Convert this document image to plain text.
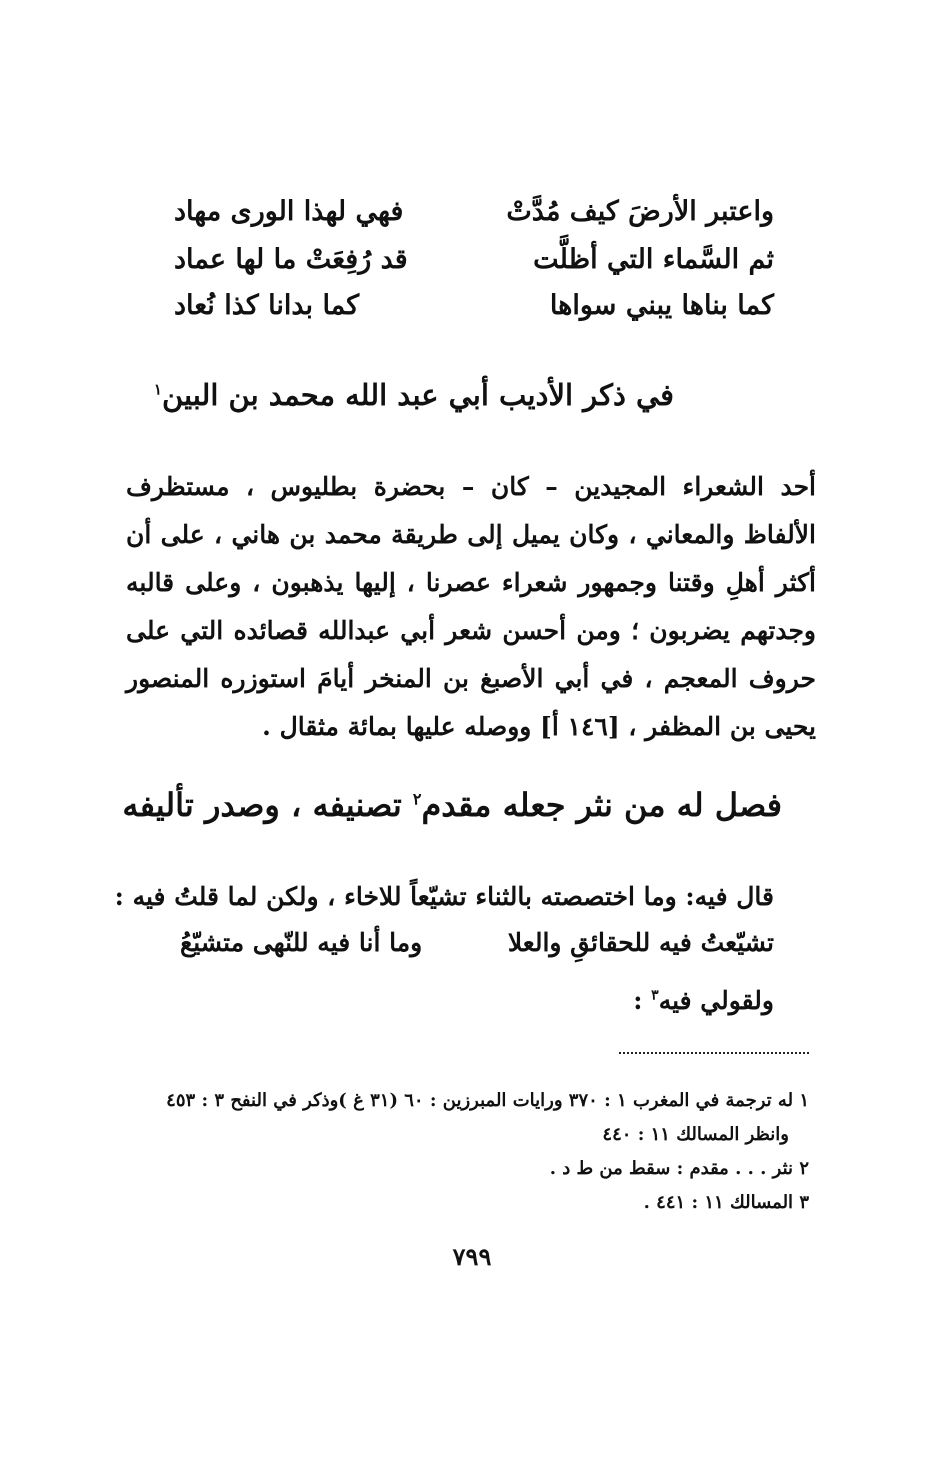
واعتبر الأرضَ كيف مُدَّتْ
فهي لهذا الورى مهاد
ثم السَّماء التي أظلَّت
قد رُفِعَتْ ما لها عماد
كما بناها يبني سواها
كما بدانا كذا نُعاد
في ذكر الأديب أبي عبد الله محمد بن البين$^١$
أحد الشعراء المجيدين – كان – بحضرة بطليوس ، مستظرف الألفاظ والمعاني ، وكان يميل إلى طريقة محمد بن هاني ، على أن أكثر أهلِ وقتنا وجمهور شعراء عصرنا ، إليها يذهبون ، وعلى قالبه وجدتهم يضربون ؛ ومن أحسن شعر أبي عبدالله قصائده التي على حروف المعجم ، في أبي الأصبغ بن المنخر أيامَ استوزره المنصور يحيى بن المظفر ، [١٤٦ أ] ووصله عليها بمائة مثقال .
فصل له من نثر جعله مقدم$^٢$ تصنيفه ، وصدر تأليفه
قال فيه: وما اختصصته بالثناء تشيّعاً للاخاء ، ولكن لما قلتُ فيه :
تشيّعتُ فيه للحقائقِ والعلا
وما أنا فيه للنّهى متشيّعُ
ولقولي فيه$^٣$ :
١ له ترجمة في المغرب ١ : ٣٧٠ ورايات المبرزين : ٦٠ (٣١ غ )وذكر في النفح ٣ : ٤٥٣
وانظر المسالك ١١ : ٤٤٠
٢ نثر . . . مقدم : سقط من ط د .
٣ المسالك ١١ : ٤٤١ .
٧٩٩
